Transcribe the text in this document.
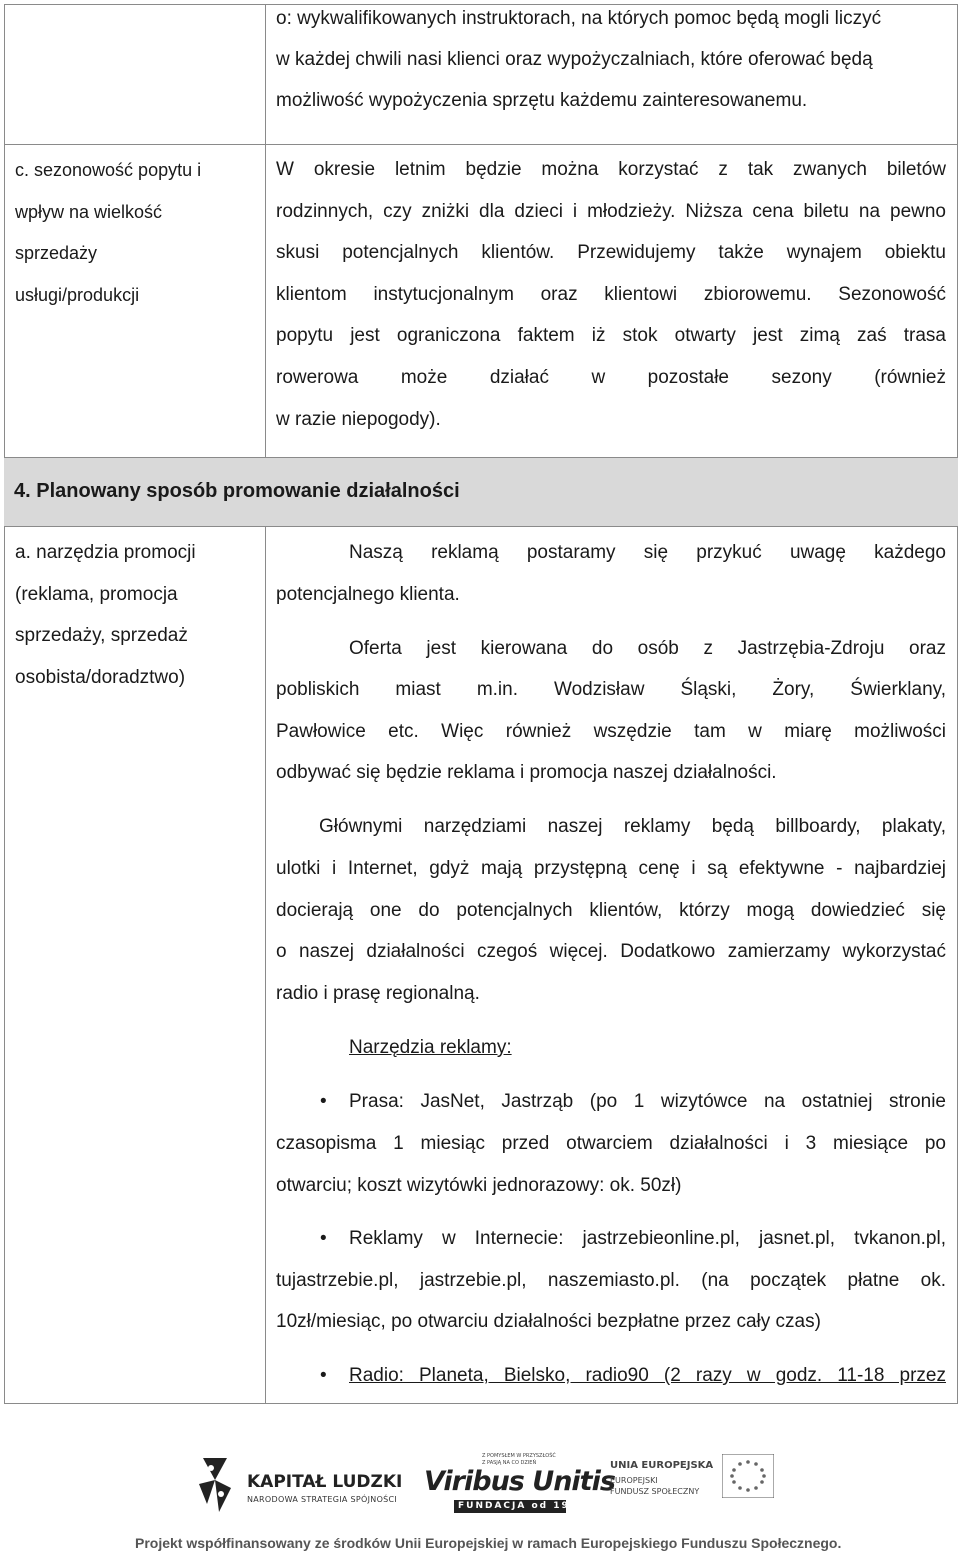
o: wykwalifikowanych instruktorach, na których pomoc będą mogli liczyć
w każdej chwili nasi klienci oraz wypożyczalniach, które oferować będą
możliwość wypożyczenia sprzętu każdemu zainteresowanemu.
c. sezonowość popytu i
wpływ na wielkość
sprzedaży
usługi/produkcji
W okresie letnim będzie można korzystać z tak zwanych biletów
rodzinnych, czy zniżki dla dzieci i młodzieży. Niższa cena biletu na pewno
skusi potencjalnych klientów. Przewidujemy także wynajem obiektu
klientom instytucjonalnym oraz klientowi zbiorowemu. Sezonowość
popytu jest ograniczona faktem iż stok otwarty jest zimą zaś trasa
rowerowa może działać w pozostałe sezony (również
w razie niepogody).
4. Planowany sposób promowanie działalności
a. narzędzia promocji
(reklama, promocja
sprzedaży, sprzedaż
osobista/doradztwo)
Naszą reklamą postaramy się przykuć uwagę każdego
potencjalnego klienta.
Oferta jest kierowana do osób z Jastrzębia-Zdroju oraz
pobliskich miast m.in. Wodzisław Śląski, Żory, Świerklany,
Pawłowice etc. Więc również wszędzie tam w miarę możliwości
odbywać się będzie reklama i promocja naszej działalności.
Głównymi narzędziami naszej reklamy będą billboardy, plakaty,
ulotki i Internet, gdyż mają przystępną cenę i są efektywne - najbardziej
docierają one do potencjalnych klientów, którzy mogą dowiedzieć się
o naszej działalności czegoś więcej. Dodatkowo zamierzamy wykorzystać
radio i prasę regionalną.
Narzędzia reklamy:
• Prasa: JasNet, Jastrząb (po 1 wizytówce na ostatniej stronie
czasopisma 1 miesiąc przed otwarciem działalności i 3 miesiące po
otwarciu; koszt wizytówki jednorazowy: ok. 50zł)
• Reklamy w Internecie: jastrzebieonline.pl, jasnet.pl, tvkanon.pl,
tujastrzebie.pl, jastrzebie.pl, naszemiasto.pl. (na początek płatne ok.
10zł/miesiąc, po otwarciu działalności bezpłatne przez cały czas)
• Radio: Planeta, Bielsko, radio90 (2 razy w godz. 11-18 przez
KAPITAŁ LUDZKI
NARODOWA STRATEGIA SPÓJNOŚCI
Z POMYSŁEM W PRZYSZŁOŚĆ
Z PASJĄ NA CO DZIEŃ
Viribus Unitis
FUNDACJA od 1997
UNIA EUROPEJSKA
EUROPEJSKI
FUNDUSZ SPOŁECZNY
Projekt współfinansowany ze środków Unii Europejskiej w ramach Europejskiego Funduszu Społecznego.
